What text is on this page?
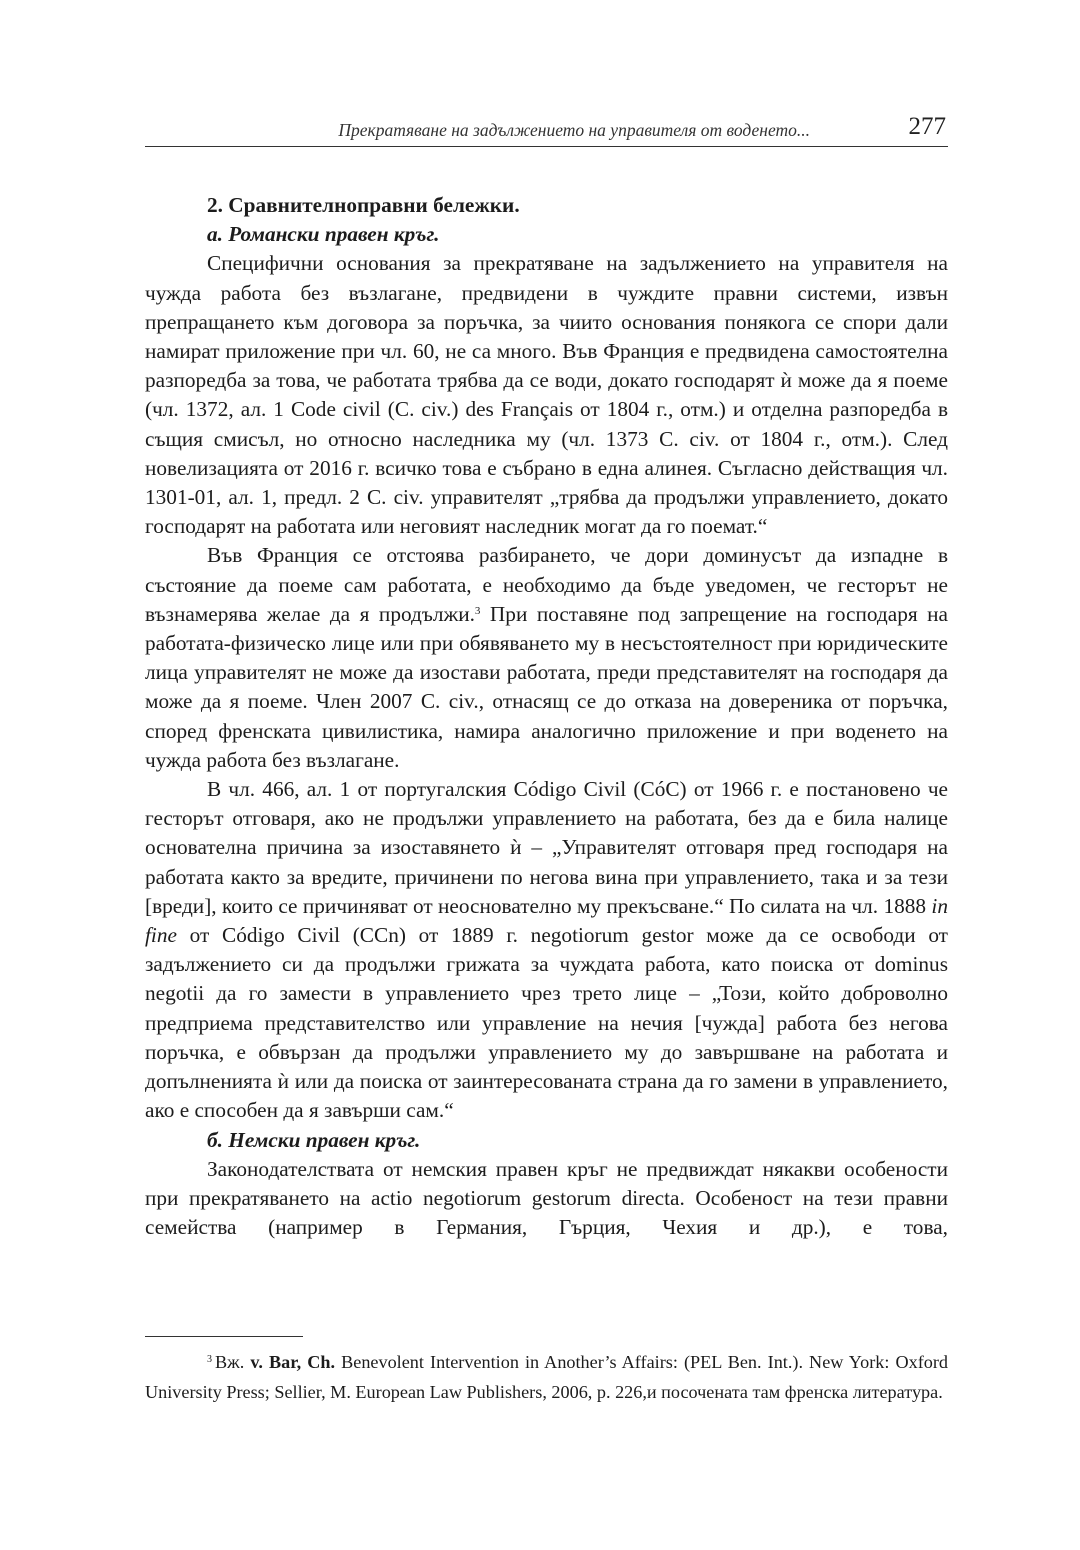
Прекратяване на задължението на управителя от воденето...	277

2. Сравнителноправни бележки.

а. Романски правен кръг.

Специфични основания за прекратяване на задължението на управителя на чужда работа без възлагане, предвидени в чуждите правни системи, извън препращането към договора за поръчка, за чиито основания понякога се спори дали намират приложение при чл. 60, не са много. Във Франция е предвидена самостоятелна разпоредба за това, че работата трябва да се води, докато господарят ѝ може да я поеме (чл. 1372, ал. 1 Code civil (C. civ.) des Français от 1804 г., отм.) и отделна разпоредба в същия смисъл, но относно наследника му (чл. 1373 C. civ. от 1804 г., отм.). След новелизацията от 2016 г. всичко това е събрано в една алинея. Съгласно действащия чл. 1301-01, ал. 1, предл. 2 C. civ. управителят „трябва да продължи управлението, докато господарят на работата или неговият наследник могат да го поемат.“

Във Франция се отстоява разбирането, че дори доминусът да изпадне в състояние да поеме сам работата, е необходимо да бъде уведомен, че гесторът не възнамерява желае да я продължи.$^3$ При поставяне под запрещение на господаря на работата-физическо лице или при обявяването му в несъстоятелност при юридическите лица управителят не може да изостави работата, преди представителят на господаря да може да я поеме. Член 2007 C. civ., отнасящ се до отказа на довереника от поръчка, според френската цивилистика, намира аналогично приложение и при воденето на чужда работа без възлагане.

В чл. 466, ал. 1 от португалския Código Civil (CóC) от 1966 г. е постановено че гесторът отговаря, ако не продължи управлението на работата, без да е била налице основателна причина за изоставянето ѝ – „Управителят отговаря пред господаря на работата както за вредите, причинени по негова вина при управлението, така и за тези [вреди], които се причиняват от неоснователно му прекъсване.“ По силата на чл. 1888 in fine от Código Civil (CCn) от 1889 г. negotiorum gestor може да се освободи от задължението си да продължи грижата за чуждата работа, като поиска от dominus negotii да го замести в управлението чрез трето лице – „Този, който доброволно предприема представителство или управление на нечия [чужда] работа без негова поръчка, е обвързан да продължи управлението му до завършване на работата и допълненията ѝ или да поиска от заинтересованата страна да го замени в управлението, ако е способен да я завърши сам.“

б. Немски правен кръг.

Законодателствата от немския правен кръг не предвиждат някакви особености при прекратяването на actio negotiorum gestorum directa. Особеност на тези правни семейства (например в Германия, Гърция, Чехия и др.), е това,

$^3$ Вж. v. Bar, Ch. Benevolent Intervention in Another’s Affairs: (PEL Ben. Int.). New York: Oxford University Press; Sellier, M. European Law Publishers, 2006, p. 226,и посочената там френска литература.
